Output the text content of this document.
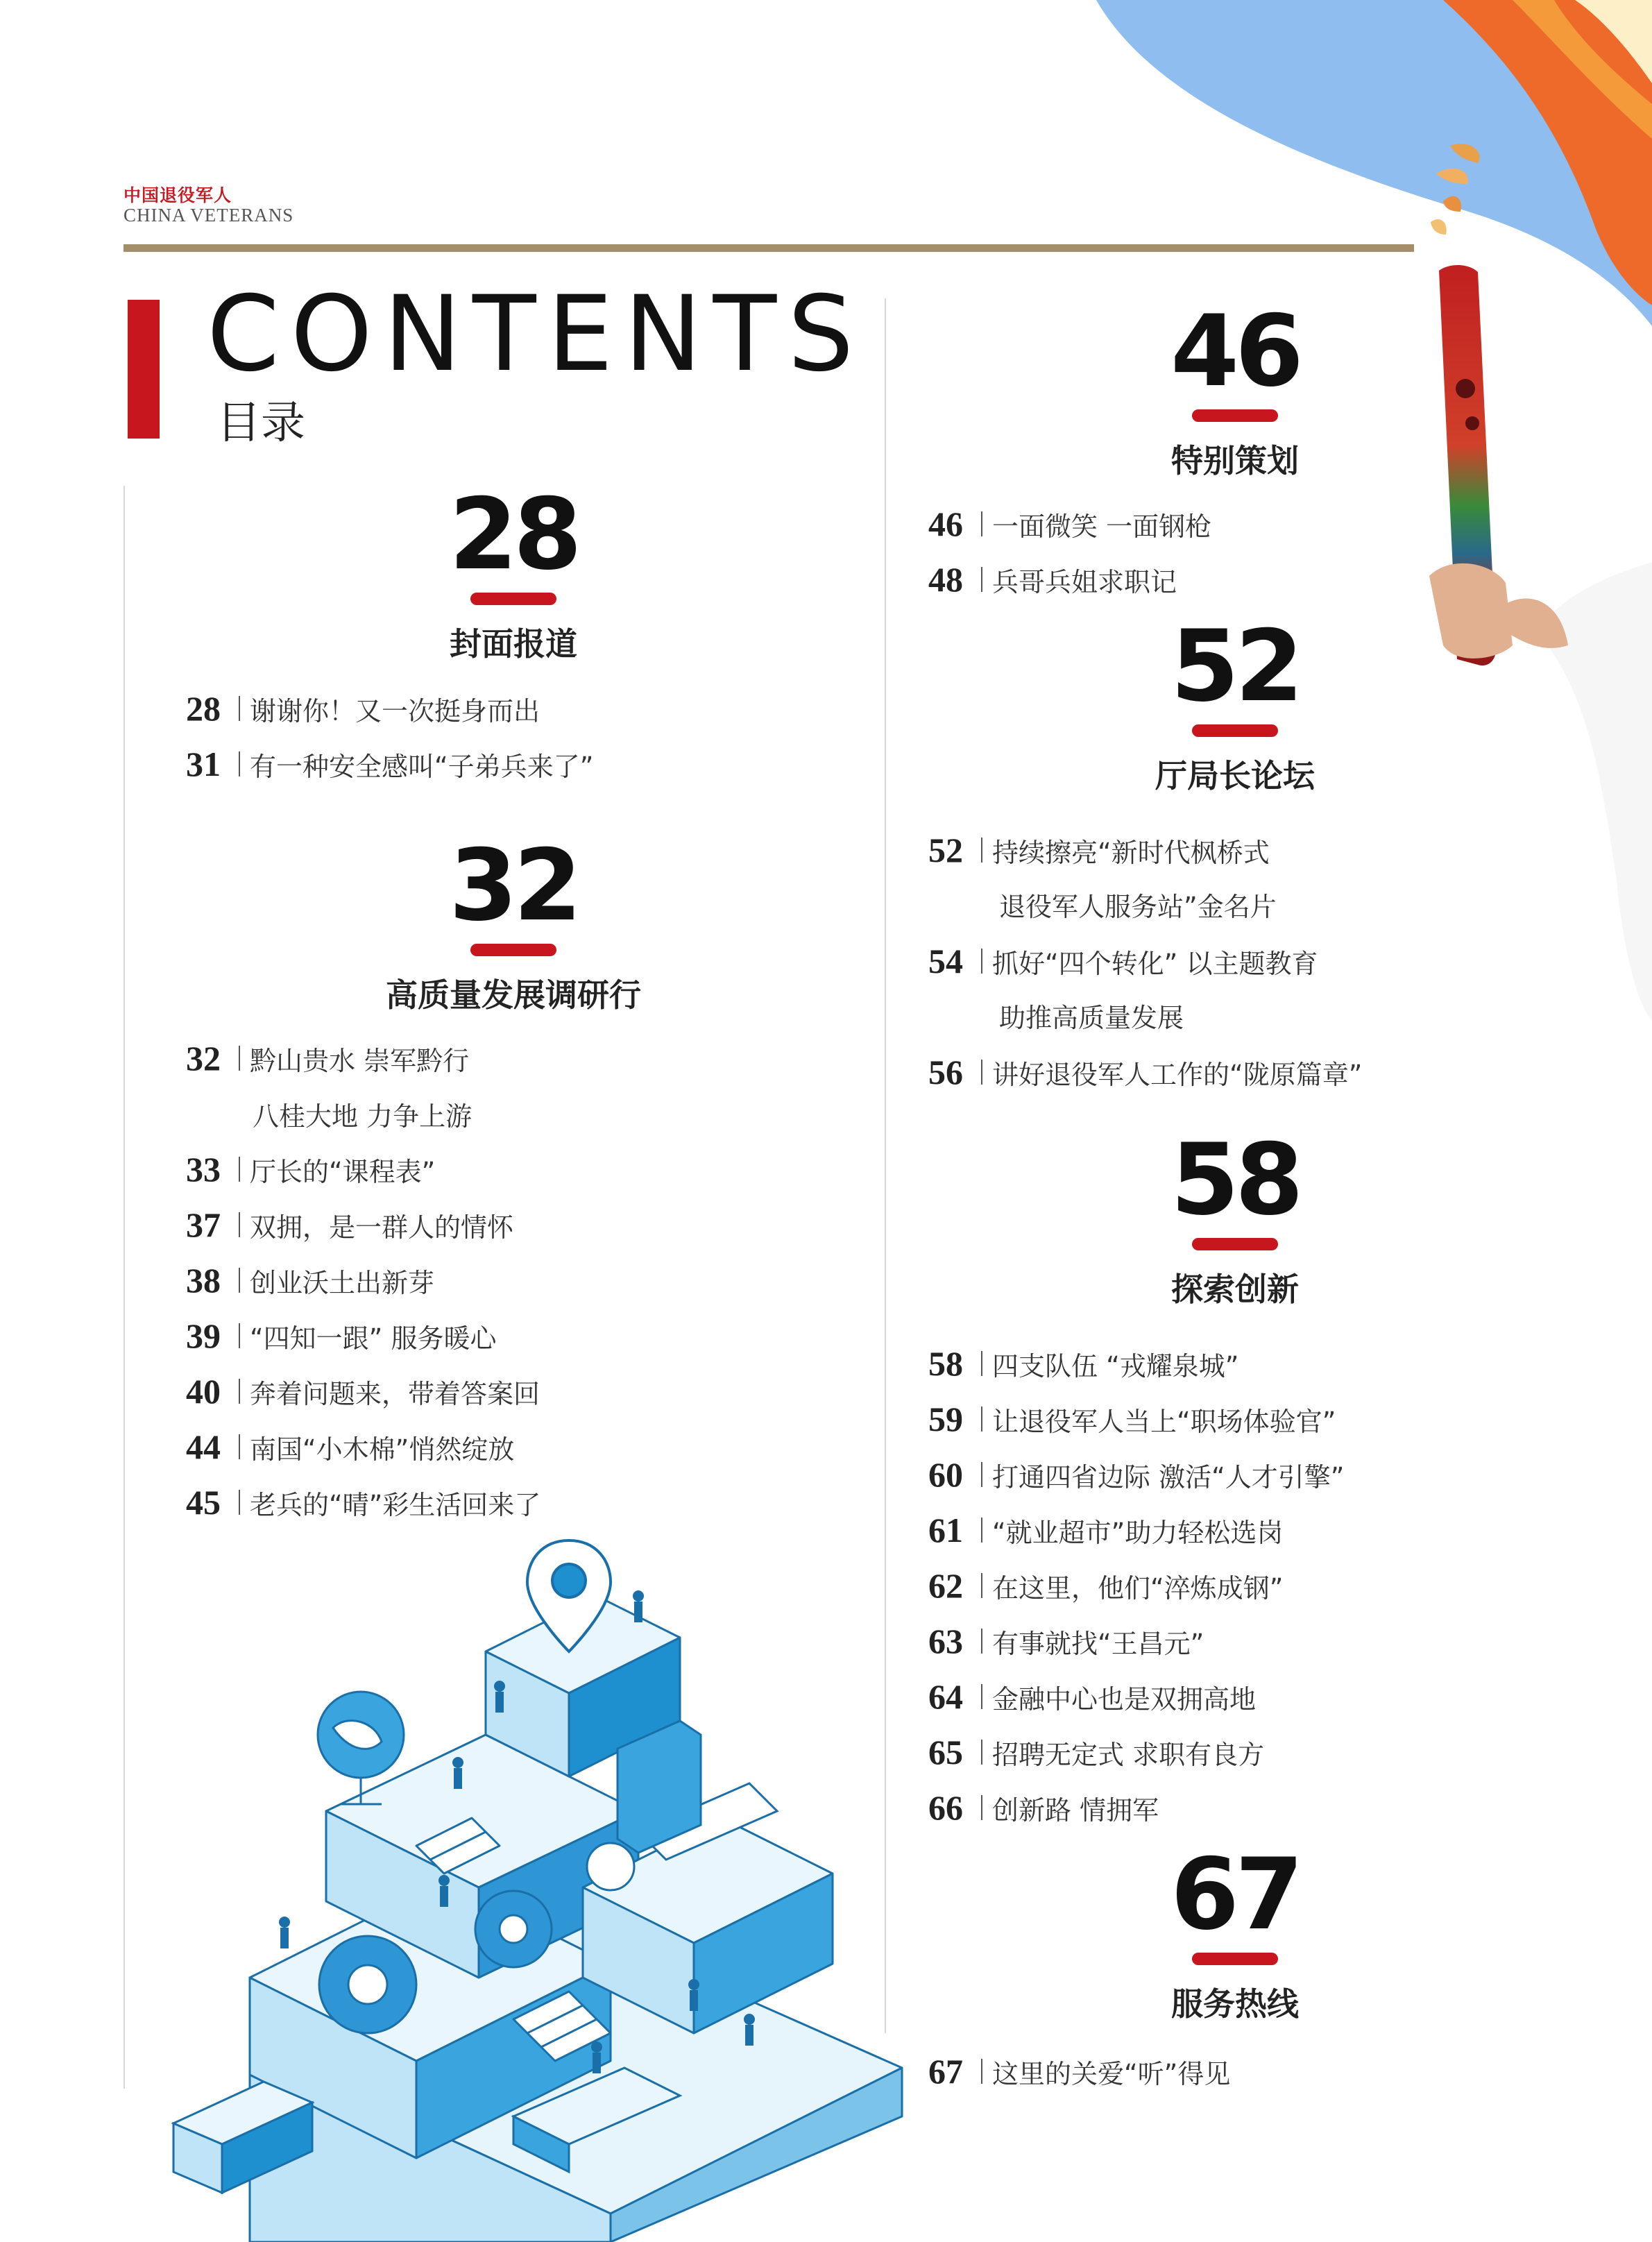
中国退役军人
CHINA VETERANS
CONTENTS
目录
28
封面报道
28	谢谢你！又一次挺身而出
31	有一种安全感叫“子弟兵来了”
32
高质量发展调研行
32	黔山贵水 崇军黔行
八桂大地 力争上游
33	厅长的“课程表”
37	双拥，是一群人的情怀
38	创业沃土出新芽
39	“四知一跟” 服务暖心
40	奔着问题来，带着答案回
44	南国“小木棉”悄然绽放
45	老兵的“晴”彩生活回来了
46
特别策划
46	一面微笑 一面钢枪
48	兵哥兵姐求职记
52
厅局长论坛
52	持续擦亮“新时代枫桥式
退役军人服务站”金名片
54	抓好“四个转化” 以主题教育
助推高质量发展
56	讲好退役军人工作的“陇原篇章”
58
探索创新
58	四支队伍 “戎耀泉城”
59	让退役军人当上“职场体验官”
60	打通四省边际 激活“人才引擎”
61	“就业超市”助力轻松选岗
62	在这里，他们“淬炼成钢”
63	有事就找“王昌元”
64	金融中心也是双拥高地
65	招聘无定式 求职有良方
66	创新路 情拥军
67
服务热线
67	这里的关爱“听”得见
